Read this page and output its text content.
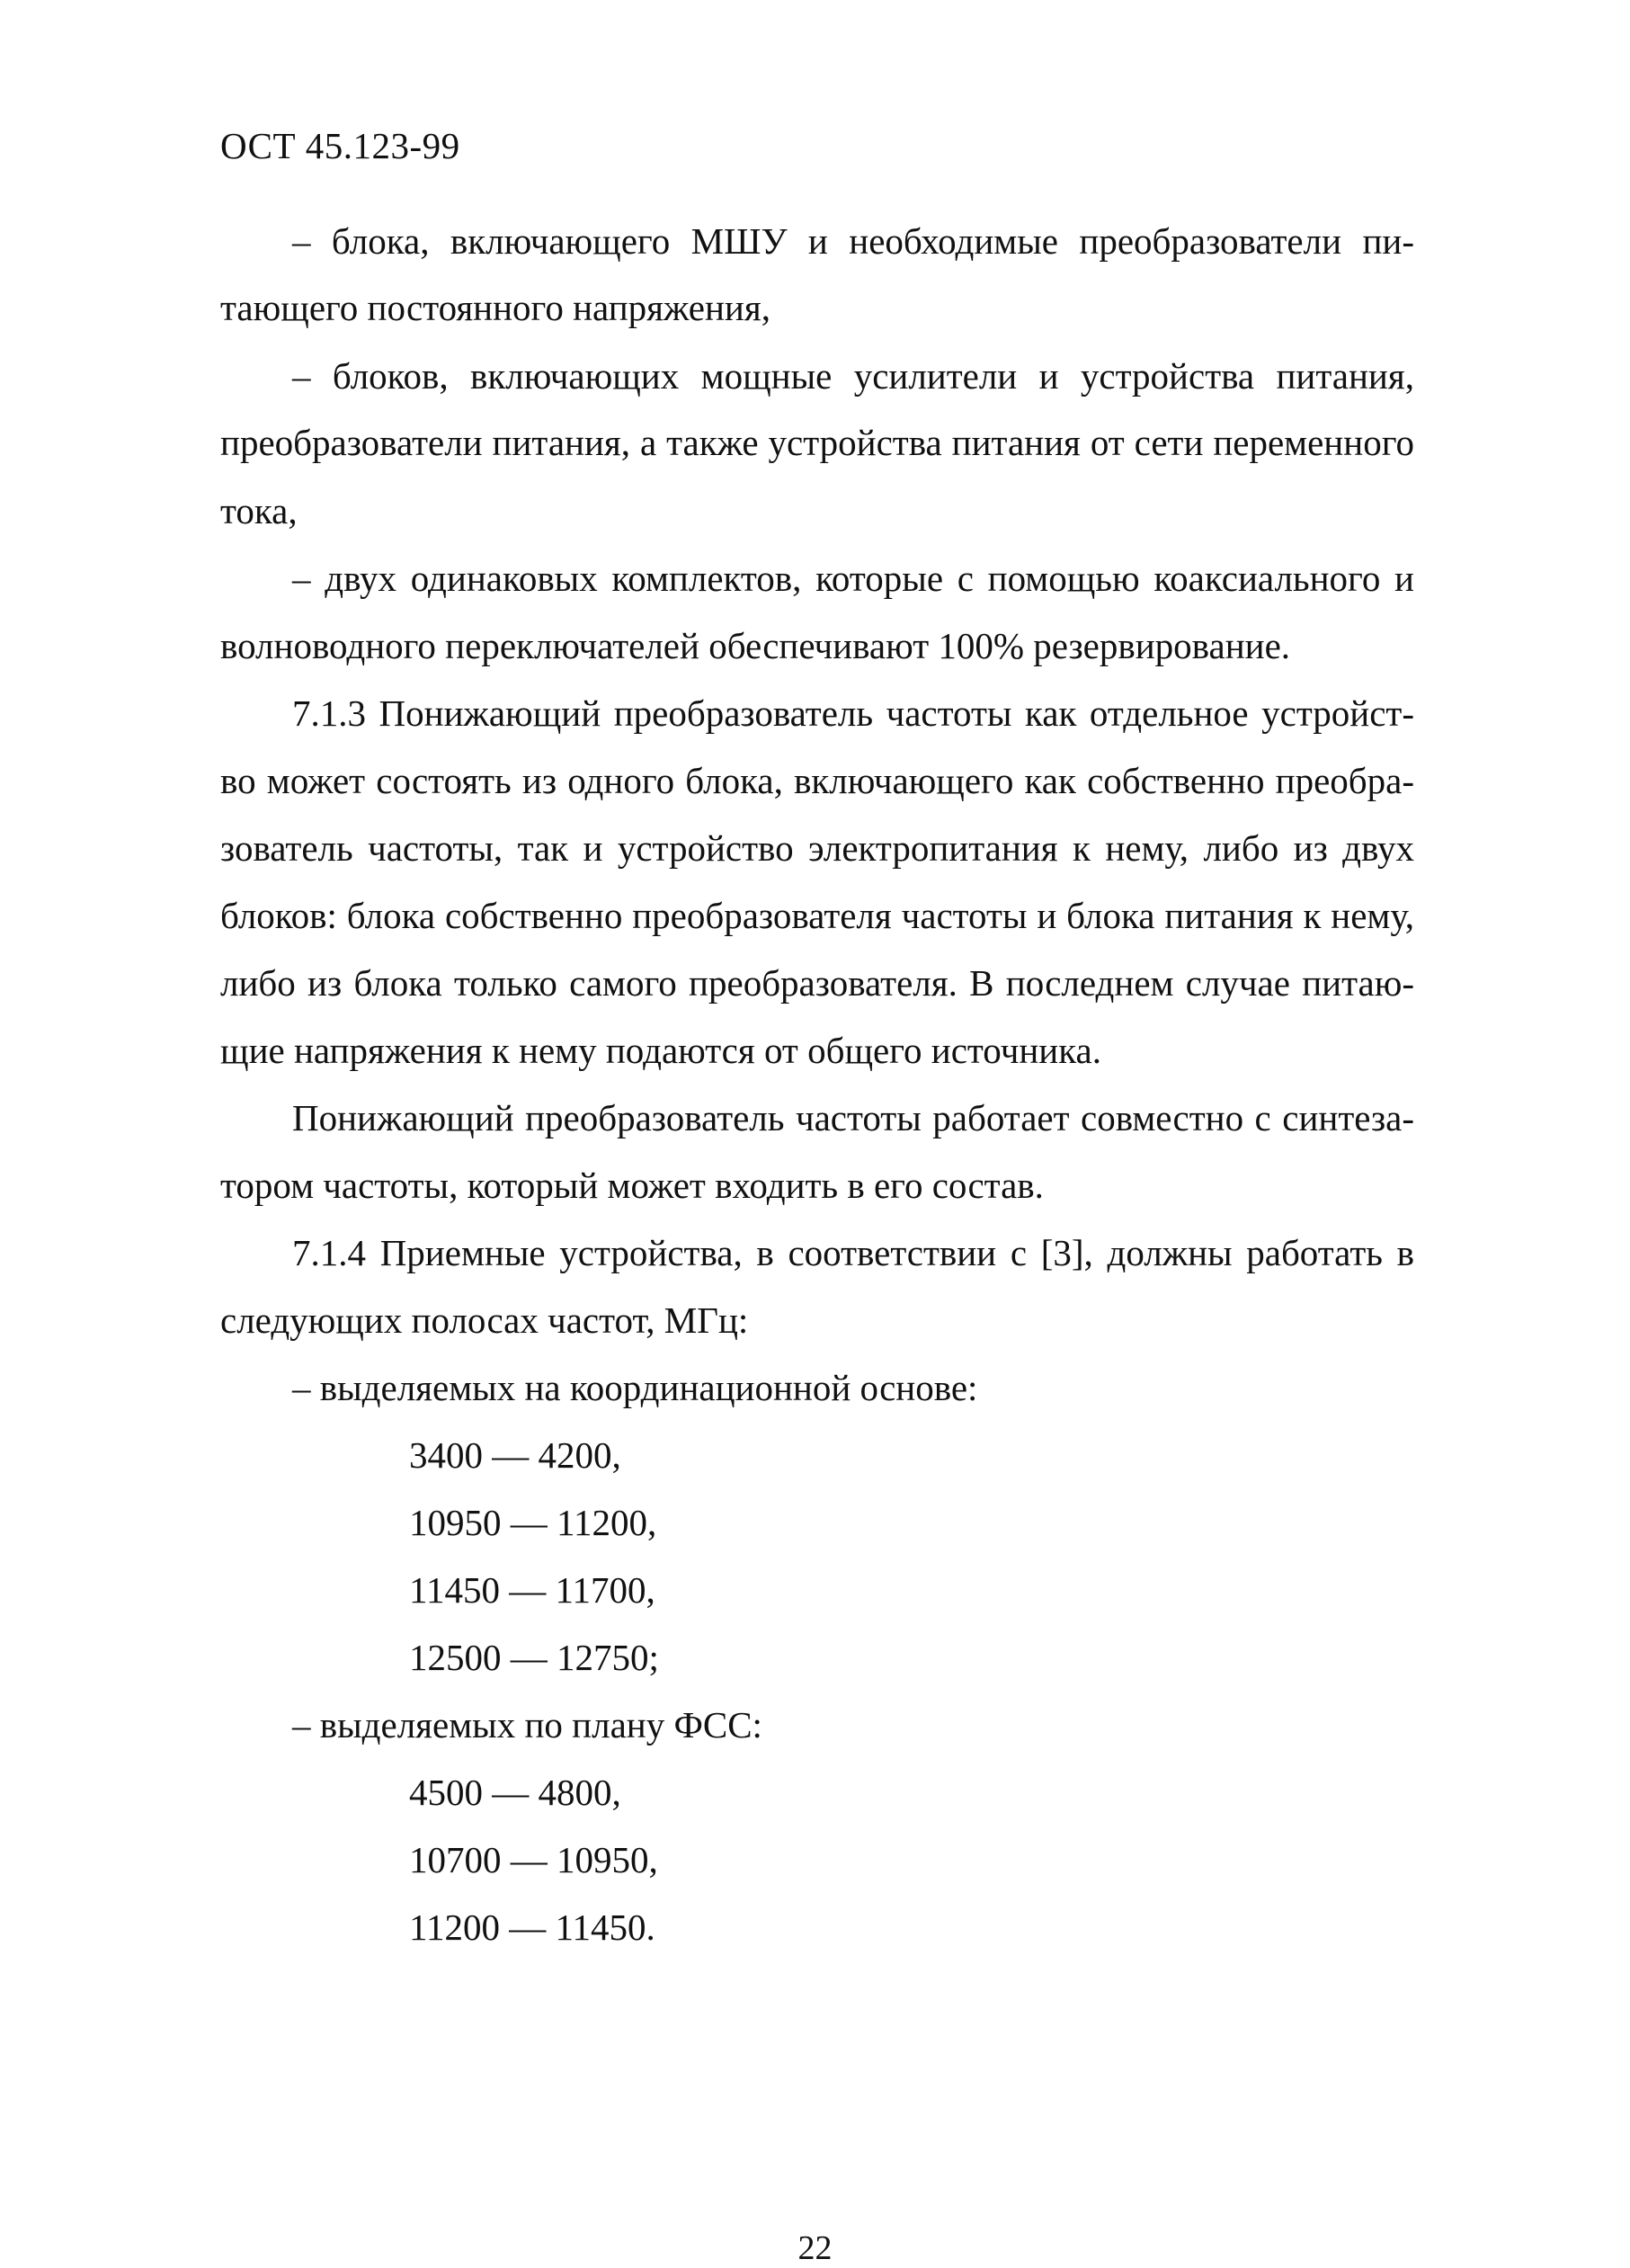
ОСТ 45.123-99
– блока, включающего МШУ и необходимые преобразователи пи-
тающего постоянного напряжения,
– блоков, включающих мощные усилители и устройства питания,
преобразователи питания, а также устройства питания от сети переменного
тока,
– двух одинаковых комплектов, которые с помощью коаксиального и
волноводного переключателей обеспечивают 100% резервирование.
7.1.3 Понижающий преобразователь частоты как отдельное устройст-
во может состоять из одного блока, включающего как собственно преобра-
зователь частоты, так и устройство электропитания к нему, либо из двух
блоков: блока собственно преобразователя частоты и блока питания к нему,
либо из блока только самого преобразователя. В последнем случае питаю-
щие напряжения к нему подаются от общего источника.
Понижающий преобразователь частоты работает совместно с синтеза-
тором частоты, который может входить в его состав.
7.1.4 Приемные устройства, в соответствии с [3], должны работать в
следующих полосах частот, МГц:
– выделяемых на координационной основе:
3400 — 4200,
10950 — 11200,
11450 — 11700,
12500 — 12750;
– выделяемых по плану ФСС:
4500 — 4800,
10700 — 10950,
11200 — 11450.
22
